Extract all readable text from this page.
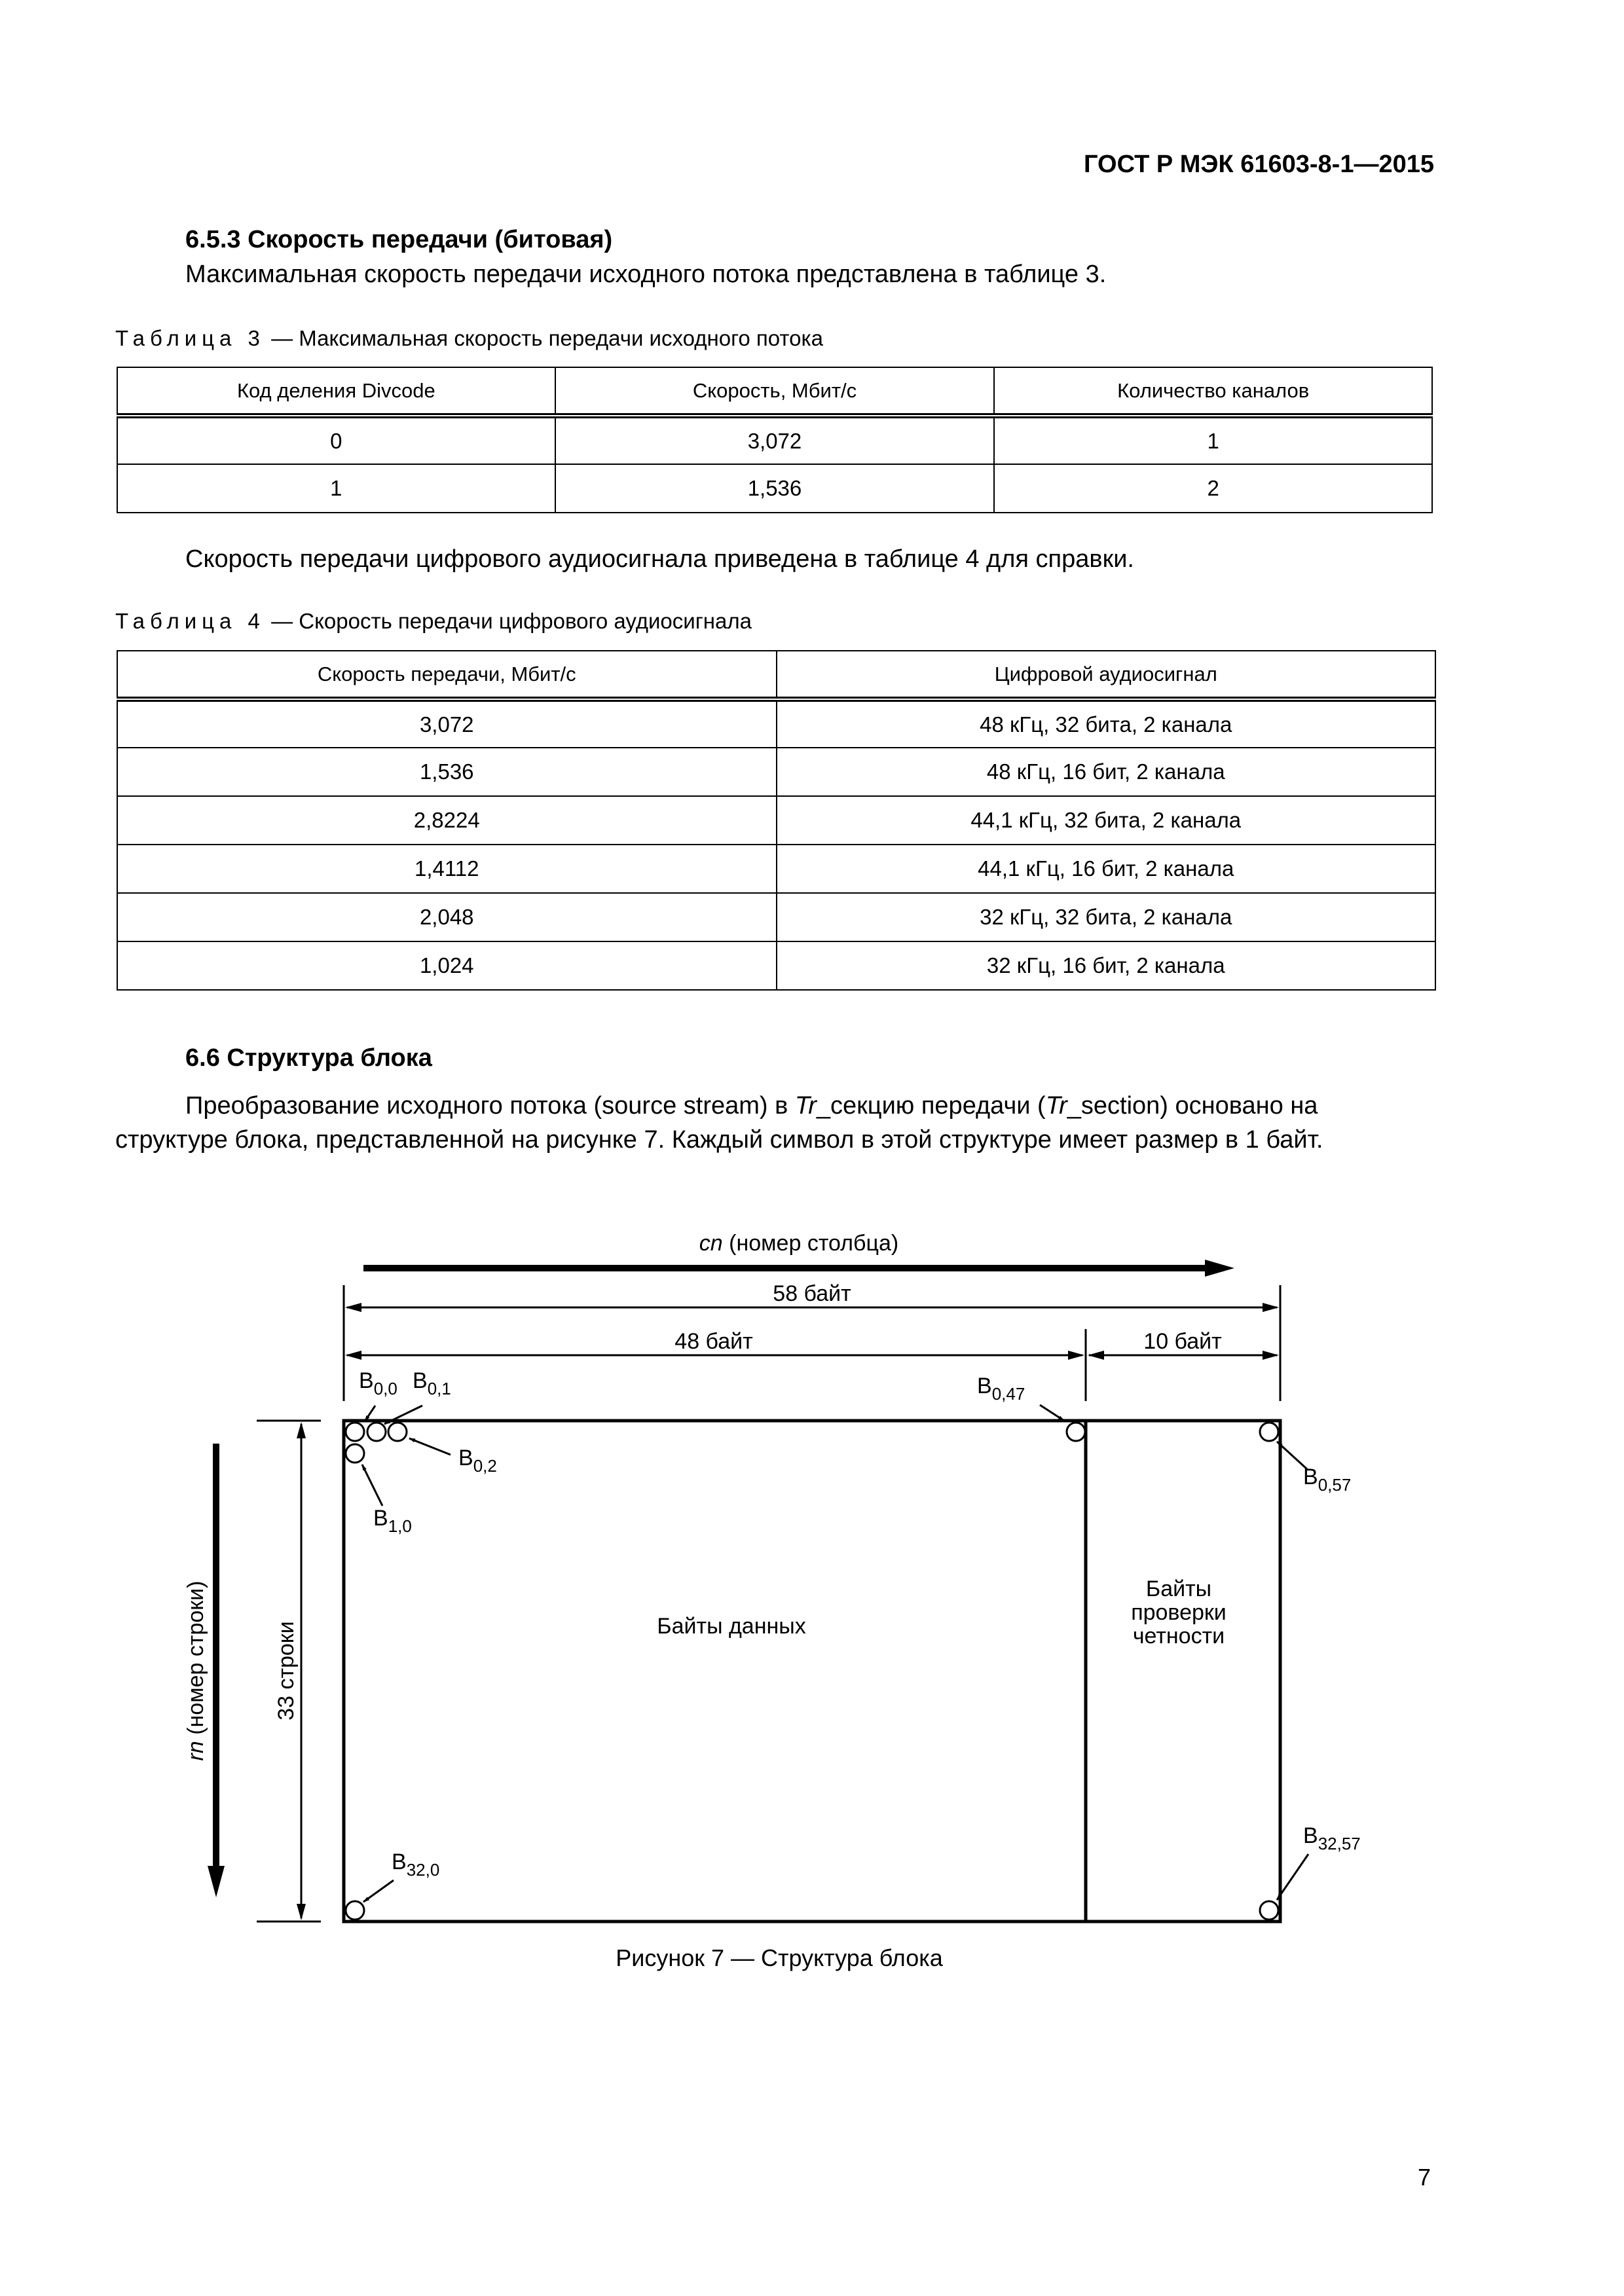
ГОСТ Р МЭК 61603-8-1—2015
6.5.3 Скорость передачи (битовая)
Максимальная скорость передачи исходного потока представлена в таблице 3.
Таблица 3 — Максимальная скорость передачи исходного потока
Код деления Divcode	Скорость, Мбит/с	Количество каналов
0	3,072	1
1	1,536	2
Скорость передачи цифрового аудиосигнала приведена в таблице 4 для справки.
Таблица 4 — Скорость передачи цифрового аудиосигнала
Скорость передачи, Мбит/с	Цифровой аудиосигнал
3,072	48 кГц, 32 бита, 2 канала
1,536	48 кГц, 16 бит, 2 канала
2,8224	44,1 кГц, 32 бита, 2 канала
1,4112	44,1 кГц, 16 бит, 2 канала
2,048	32 кГц, 32 бита, 2 канала
1,024	32 кГц, 16 бит, 2 канала
6.6 Структура блока
Преобразование исходного потока (source stream) в Tr_секцию передачи (Tr_section) основано на
структуре блока, представленной на рисунке 7. Каждый символ в этой структуре имеет размер в 1 байт.
cn (номер столбца)
58 байт
48 байт	10 байт
33 строки
rn (номер строки)	Байты данных
Байты
проверки
четности
$B_{0,0}$ $B_{0,1}$
$B_{0,2}$
$B_{1,0}$
$B_{0,47}$
$B_{0,57}$
$B_{32,0}$
$B_{32,57}$
Рисунок 7 — Структура блока
7
